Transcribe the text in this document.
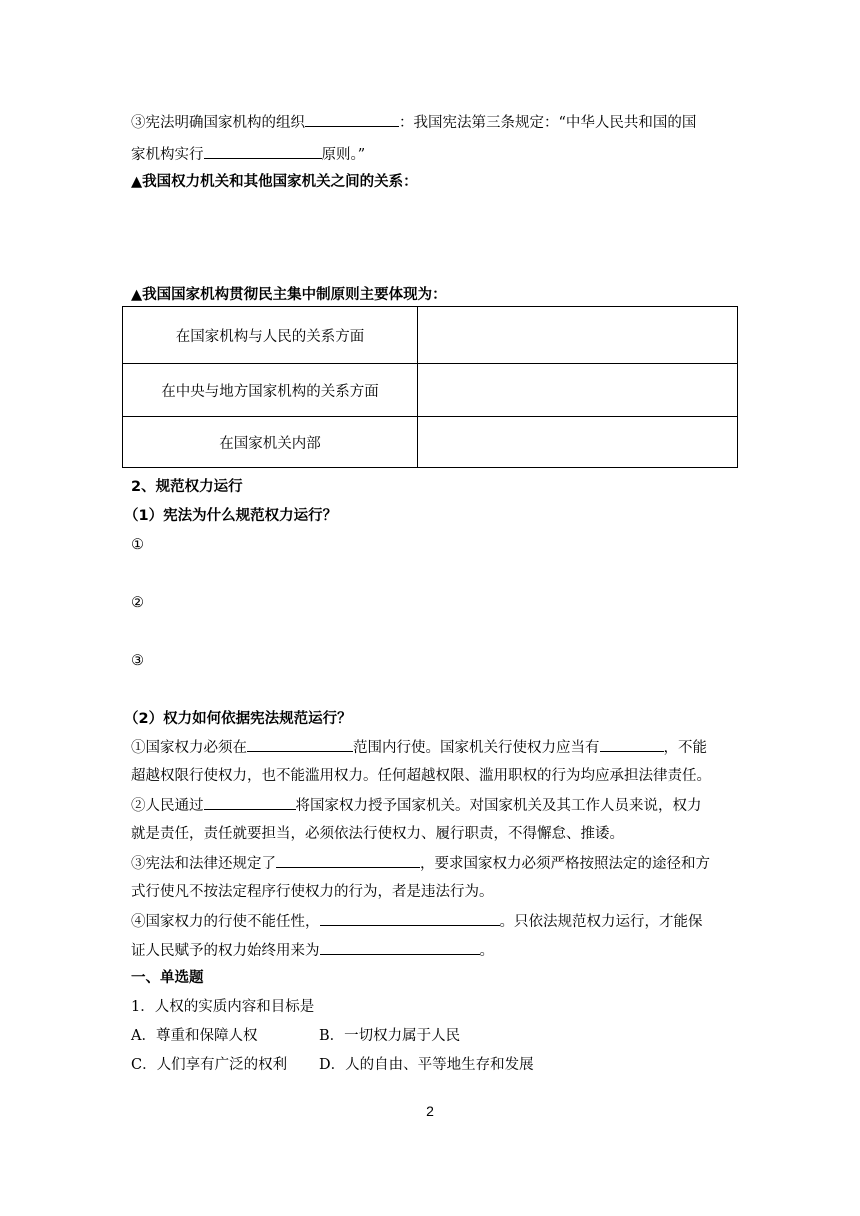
③宪法明确国家机构的组织	：我国宪法第三条规定：“中华人民共和国的国
家机构实行	原则。”
▲我国权力机关和其他国家机关之间的关系：
▲我国国家机构贯彻民主集中制原则主要体现为：
在国家机构与人民的关系方面	
在中央与地方国家机构的关系方面	
在国家机关内部	
2、规范权力运行
（1）宪法为什么规范权力运行？
①
②
③
（2）权力如何依据宪法规范运行？
①国家权力必须在	范围内行使。国家机关行使权力应当有	，不能
超越权限行使权力，也不能滥用权力。任何超越权限、滥用职权的行为均应承担法律责任。
②人民通过	将国家权力授予国家机关。对国家机关及其工作人员来说，权力
就是责任，责任就要担当，必须依法行使权力、履行职责，不得懈怠、推诿。
③宪法和法律还规定了	，要求国家权力必须严格按照法定的途径和方
式行使凡不按法定程序行使权力的行为，者是违法行为。
④国家权力的行使不能任性，	。只依法规范权力运行，才能保
证人民赋予的权力始终用来为	。
一、单选题
1．人权的实质内容和目标是
A．尊重和保障人权	B．一切权力属于人民
C．人们享有广泛的权利 D．人的自由、平等地生存和发展
2
